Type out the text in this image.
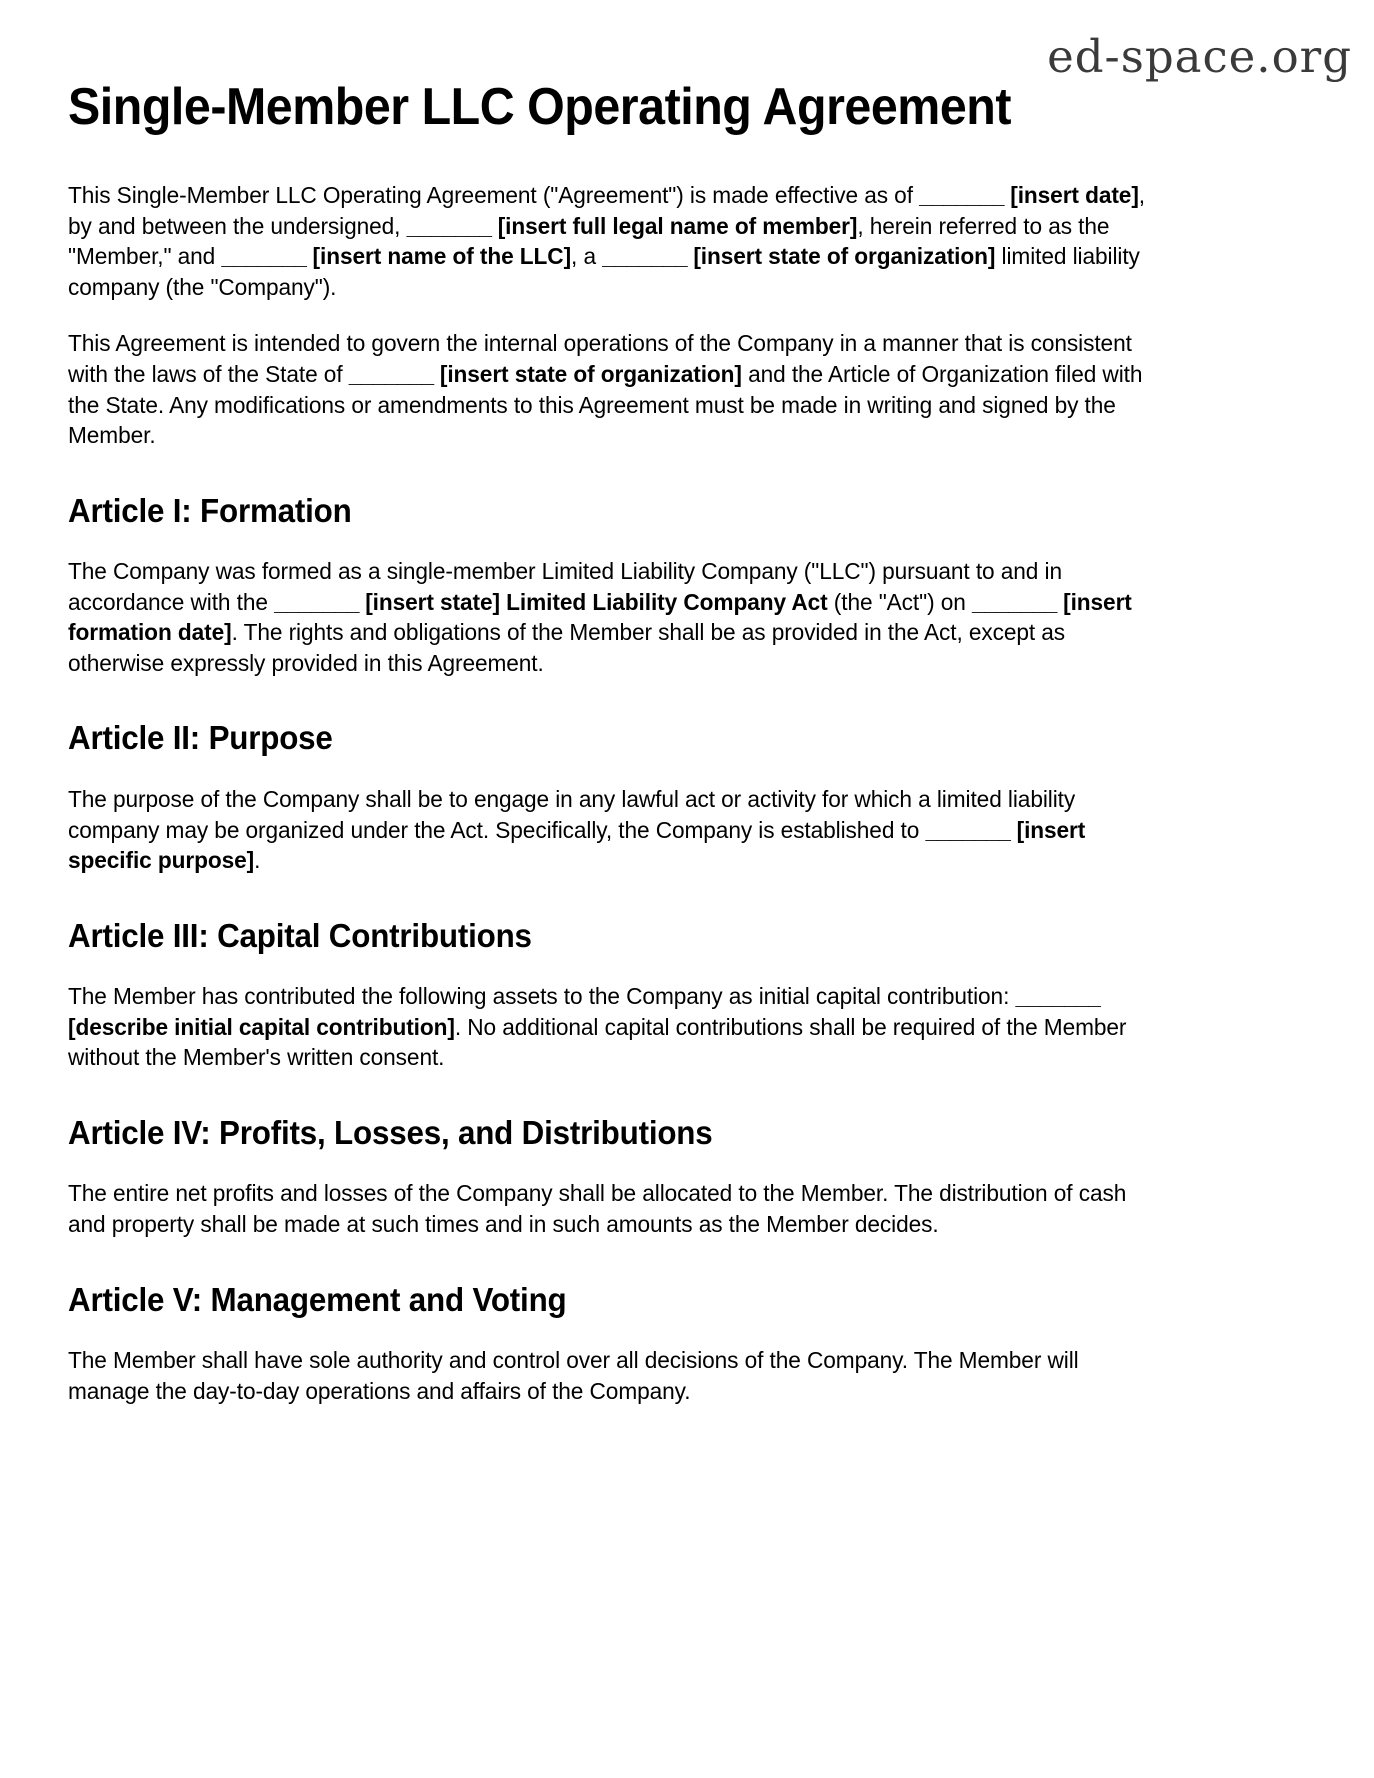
ed-space.org
Single-Member LLC Operating Agreement

This Single-Member LLC Operating Agreement ("Agreement") is made effective as of _______ [insert date], by and between the undersigned, _______ [insert full legal name of member], herein referred to as the "Member," and _______ [insert name of the LLC], a _______ [insert state of organization] limited liability company (the "Company").

This Agreement is intended to govern the internal operations of the Company in a manner that is consistent with the laws of the State of _______ [insert state of organization] and the Article of Organization filed with the State. Any modifications or amendments to this Agreement must be made in writing and signed by the Member.

Article I: Formation

The Company was formed as a single-member Limited Liability Company ("LLC") pursuant to and in accordance with the _______ [insert state] Limited Liability Company Act (the "Act") on _______ [insert formation date]. The rights and obligations of the Member shall be as provided in the Act, except as otherwise expressly provided in this Agreement.

Article II: Purpose

The purpose of the Company shall be to engage in any lawful act or activity for which a limited liability company may be organized under the Act. Specifically, the Company is established to _______ [insert specific purpose].

Article III: Capital Contributions

The Member has contributed the following assets to the Company as initial capital contribution: _______ [describe initial capital contribution]. No additional capital contributions shall be required of the Member without the Member's written consent.

Article IV: Profits, Losses, and Distributions

The entire net profits and losses of the Company shall be allocated to the Member. The distribution of cash and property shall be made at such times and in such amounts as the Member decides.

Article V: Management and Voting

The Member shall have sole authority and control over all decisions of the Company. The Member will manage the day-to-day operations and affairs of the Company.
